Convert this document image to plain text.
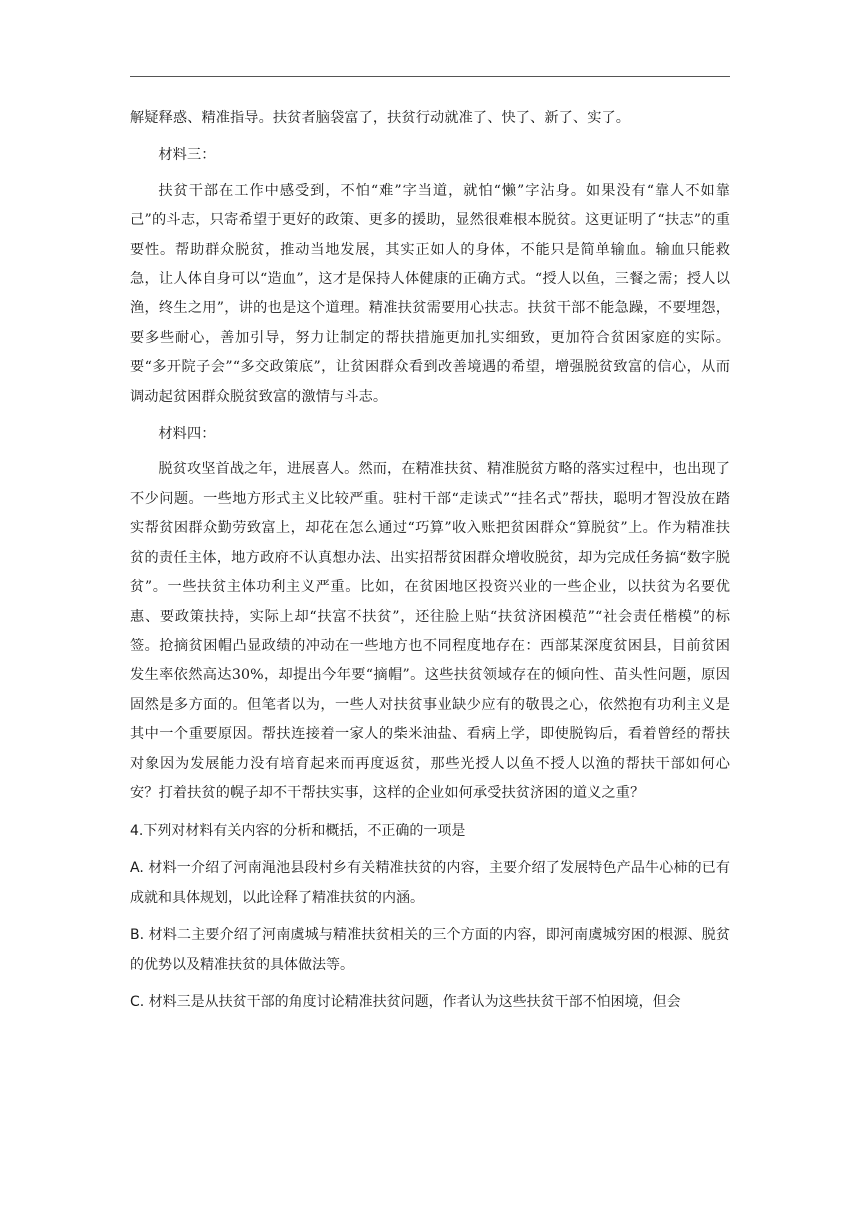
解疑释惑、精准指导。扶贫者脑袋富了，扶贫行动就准了、快了、新了、实了。

材料三：

扶贫干部在工作中感受到，不怕“难”字当道，就怕“懒”字沾身。如果没有“靠人不如靠己”的斗志，只寄希望于更好的政策、更多的援助，显然很难根本脱贫。这更证明了“扶志”的重要性。帮助群众脱贫，推动当地发展，其实正如人的身体，不能只是简单输血。输血只能救急，让人体自身可以“造血”，这才是保持人体健康的正确方式。“授人以鱼，三餐之需；授人以渔，终生之用”，讲的也是这个道理。精准扶贫需要用心扶志。扶贫干部不能急躁，不要埋怨，要多些耐心，善加引导，努力让制定的帮扶措施更加扎实细致，更加符合贫困家庭的实际。要“多开院子会”“多交政策底”，让贫困群众看到改善境遇的希望，增强脱贫致富的信心，从而调动起贫困群众脱贫致富的激情与斗志。

材料四：

脱贫攻坚首战之年，进展喜人。然而，在精准扶贫、精准脱贫方略的落实过程中，也出现了不少问题。一些地方形式主义比较严重。驻村干部“走读式”“挂名式”帮扶，聪明才智没放在踏实帮贫困群众勤劳致富上，却花在怎么通过“巧算”收入账把贫困群众“算脱贫”上。作为精准扶贫的责任主体，地方政府不认真想办法、出实招帮贫困群众增收脱贫，却为完成任务搞“数字脱贫”。一些扶贫主体功利主义严重。比如，在贫困地区投资兴业的一些企业，以扶贫为名要优惠、要政策扶持，实际上却“扶富不扶贫”，还往脸上贴“扶贫济困模范”“社会责任楷模”的标签。抢摘贫困帽凸显政绩的冲动在一些地方也不同程度地存在：西部某深度贫困县，目前贫困发生率依然高达30%，却提出今年要“摘帽”。这些扶贫领域存在的倾向性、苗头性问题，原因固然是多方面的。但笔者以为，一些人对扶贫事业缺少应有的敬畏之心，依然抱有功利主义是其中一个重要原因。帮扶连接着一家人的柴米油盐、看病上学，即使脱钩后，看着曾经的帮扶对象因为发展能力没有培育起来而再度返贫，那些光授人以鱼不授人以渔的帮扶干部如何心安？打着扶贫的幌子却不干帮扶实事，这样的企业如何承受扶贫济困的道义之重？

4.下列对材料有关内容的分析和概括，不正确的一项是

A. 材料一介绍了河南渑池县段村乡有关精准扶贫的内容，主要介绍了发展特色产品牛心柿的已有成就和具体规划，以此诠释了精准扶贫的内涵。

B. 材料二主要介绍了河南虞城与精准扶贫相关的三个方面的内容，即河南虞城穷困的根源、脱贫的优势以及精准扶贫的具体做法等。

C. 材料三是从扶贫干部的角度讨论精准扶贫问题，作者认为这些扶贫干部不怕困境，但会
